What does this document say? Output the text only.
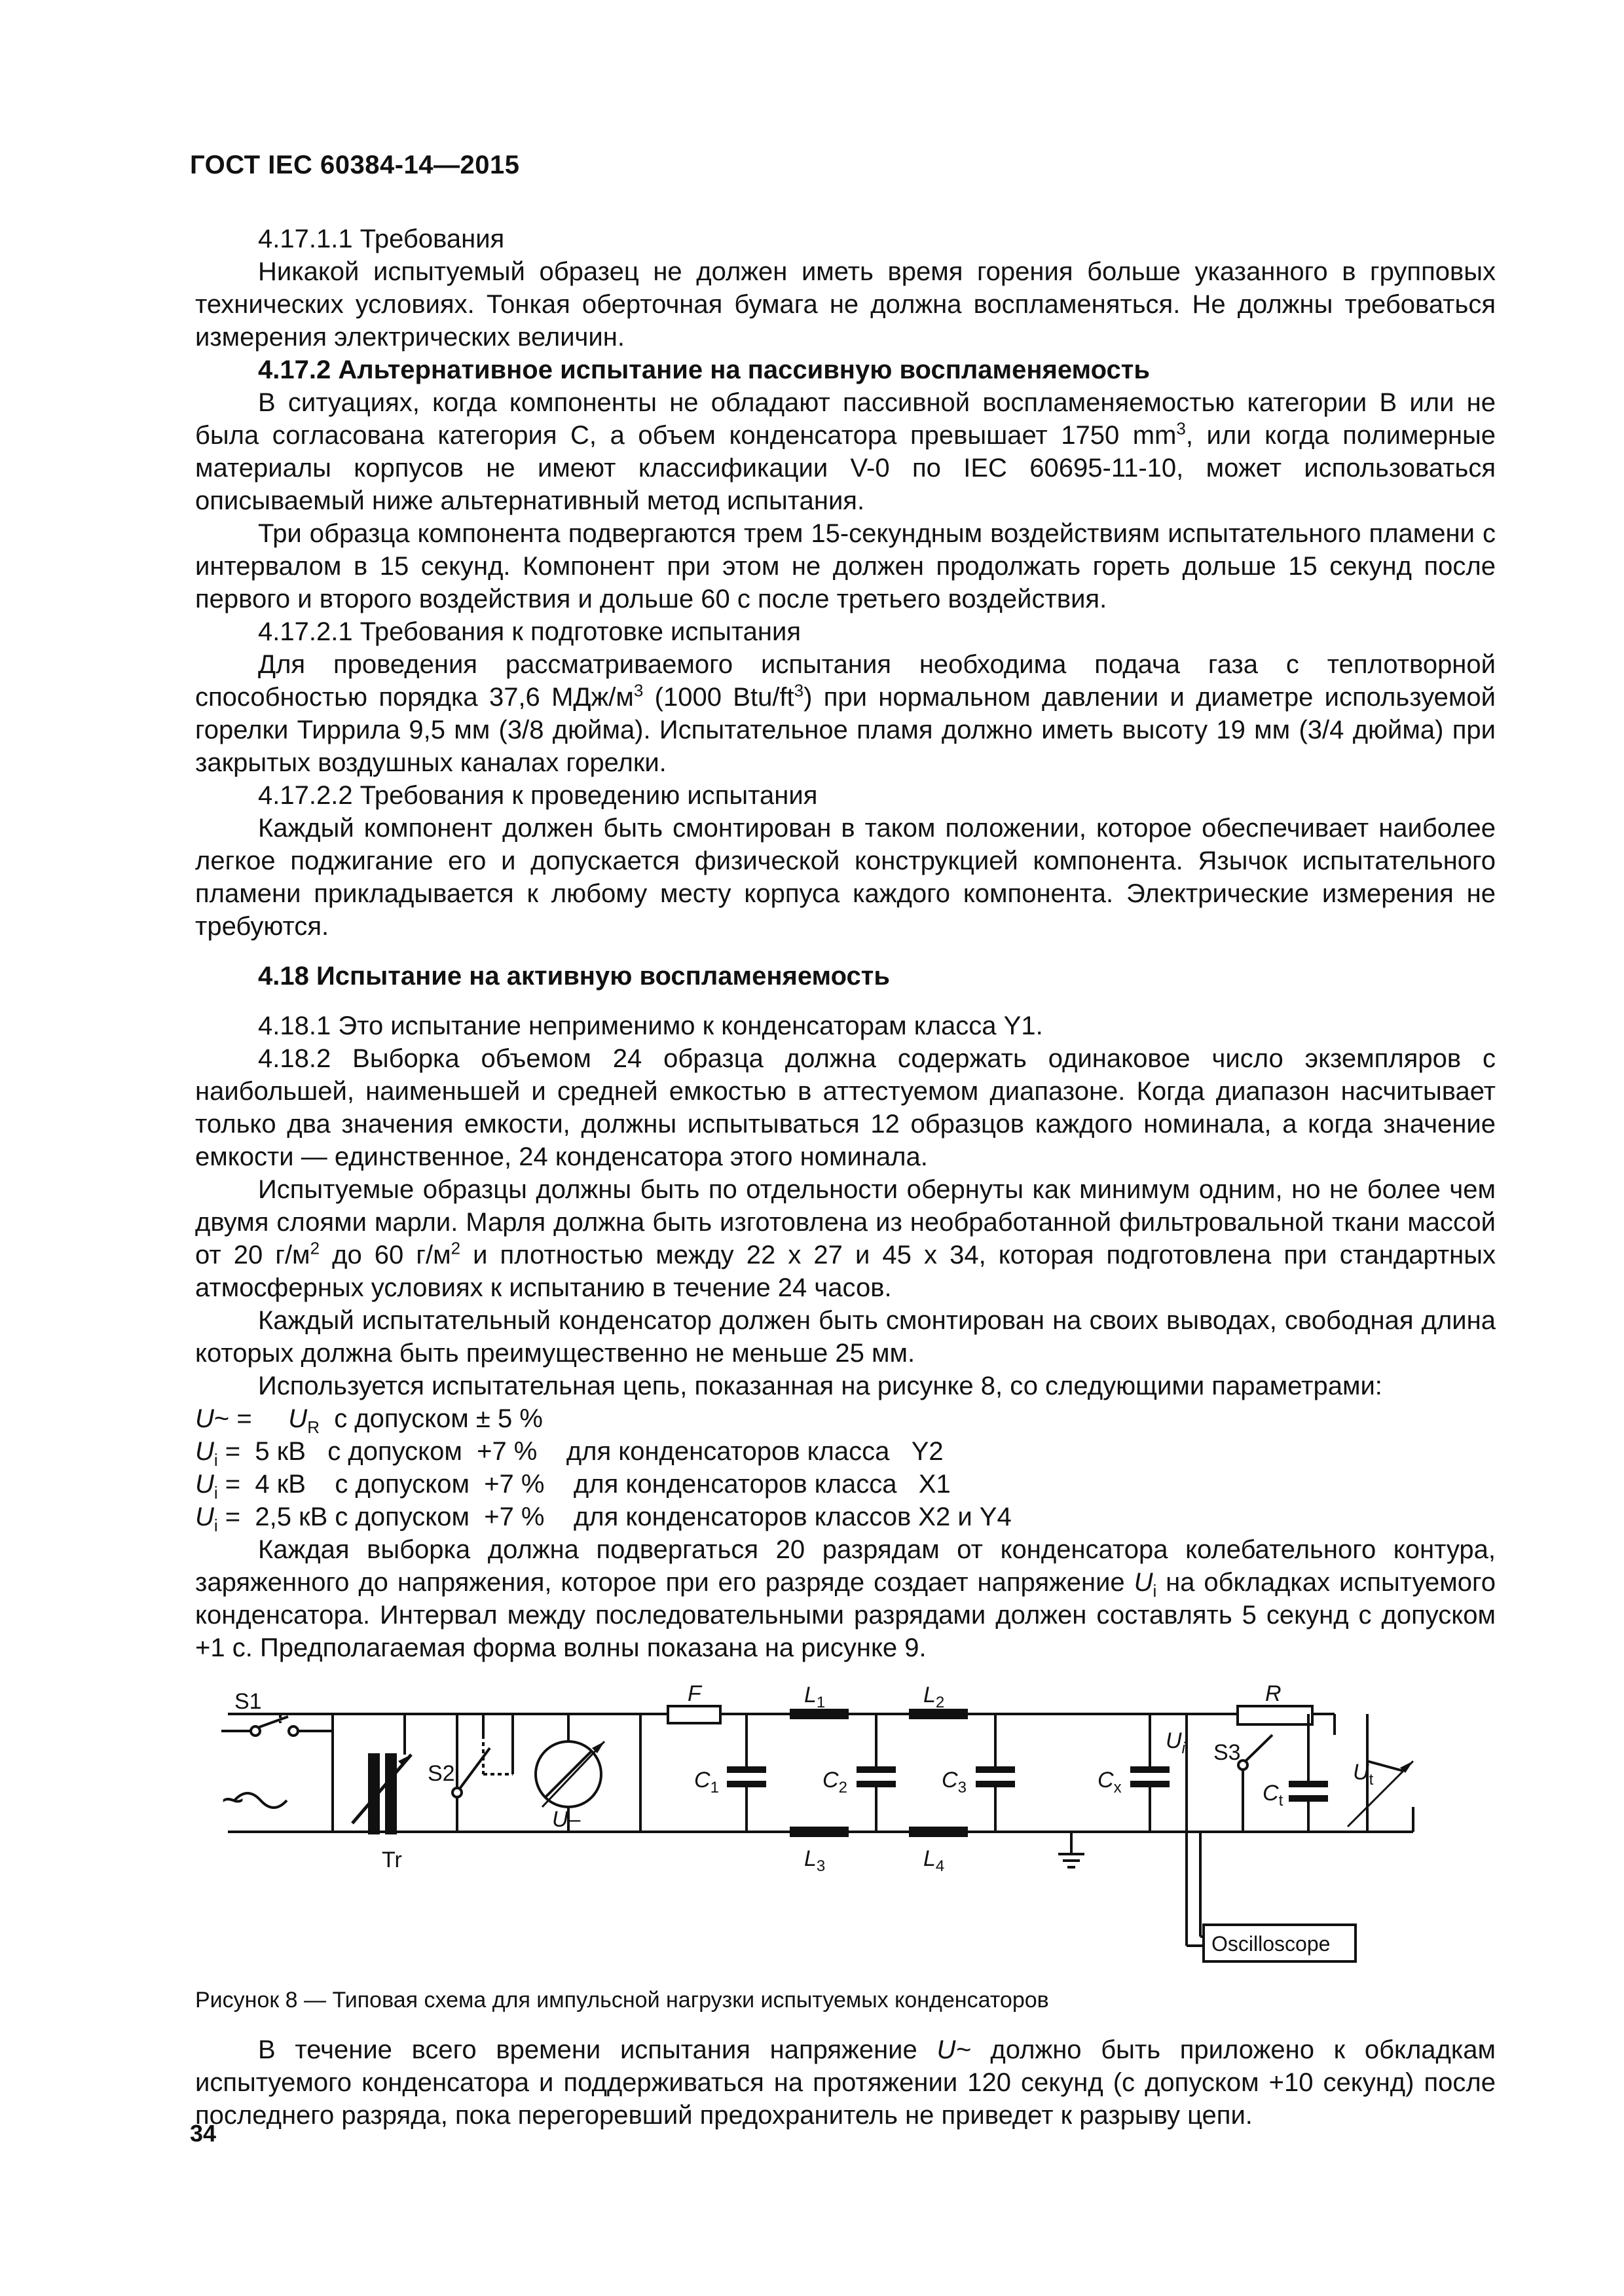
ГОСТ IEC 60384-14—2015

4.17.1.1 Требования

Никакой испытуемый образец не должен иметь время горения больше указанного в групповых технических условиях. Тонкая оберточная бумага не должна воспламеняться. Не должны требоваться измерения электрических величин.

4.17.2 Альтернативное испытание на пассивную воспламеняемость

В ситуациях, когда компоненты не обладают пассивной воспламеняемостью категории В или не была согласована категория С, а объем конденсатора превышает 1750 $mm^3$, или когда полимерные материалы корпусов не имеют классификации V-0 по IEC 60695-11-10, может использоваться описываемый ниже альтернативный метод испытания.

Три образца компонента подвергаются трем 15-секундным воздействиям испытательного пламени с интервалом в 15 секунд. Компонент при этом не должен продолжать гореть дольше 15 секунд после первого и второго воздействия и дольше 60 с после третьего воздействия.

4.17.2.1 Требования к подготовке испытания

Для проведения рассматриваемого испытания необходима подача газа с теплотворной способностью порядка 37,6 МДж/$м^3$ (1000 Btu/$ft^3$) при нормальном давлении и диаметре используемой горелки Тиррила 9,5 мм (3/8 дюйма). Испытательное пламя должно иметь высоту 19 мм (3/4 дюйма) при закрытых воздушных каналах горелки.

4.17.2.2 Требования к проведению испытания

Каждый компонент должен быть смонтирован в таком положении, которое обеспечивает наиболее легкое поджигание его и допускается физической конструкцией компонента. Язычок испытательного пламени прикладывается к любому месту корпуса каждого компонента. Электрические измерения не требуются.

4.18 Испытание на активную воспламеняемость

4.18.1 Это испытание неприменимо к конденсаторам класса Y1.

4.18.2 Выборка объемом 24 образца должна содержать одинаковое число экземпляров с наибольшей, наименьшей и средней емкостью в аттестуемом диапазоне. Когда диапазон насчитывает только два значения емкости, должны испытываться 12 образцов каждого номинала, а когда значение емкости — единственное, 24 конденсатора этого номинала.

Испытуемые образцы должны быть по отдельности обернуты как минимум одним, но не более чем двумя слоями марли. Марля должна быть изготовлена из необработанной фильтровальной ткани массой от 20 $г/м^2$ до 60 $г/м^2$ и плотностью между 22 х 27 и 45 х 34, которая подготовлена при стандартных атмосферных условиях к испытанию в течение 24 часов.

Каждый испытательный конденсатор должен быть смонтирован на своих выводах, свободная длина которых должна быть преимущественно не меньше 25 мм.

Используется испытательная цепь, показанная на рисунке 8, со следующими параметрами:

U~ =     $U_R$  с допуском ± 5 %

$U_i = 5$ кВ   с допуском  +7 %    для конденсаторов класса   Y2

$U_i = 4$ кВ    с допуском  +7 %    для конденсаторов класса   X1

$U_i = 2,5$ кВ с допуском  +7 %    для конденсаторов классов X2 и Y4

Каждая выборка должна подвергаться 20 разрядам от конденсатора колебательного контура, заряженного до напряжения, которое при его разряде создает напряжение $U_i$ на обкладках испытуемого конденсатора. Интервал между последовательными разрядами должен составлять 5 секунд с допуском +1 с. Предполагаемая форма волны показана на рисунке 9.

S1
~
S2
Tr
F
U–
$L_1$	$L_2$
$L_3$	$L_4$
$C_1$	$C_2$	$C_3$	$C_x$
$U_i$
R
S3
$C_t$
$U_t$
Oscilloscope

Рисунок 8 — Типовая схема для импульсной нагрузки испытуемых конденсаторов

В течение всего времени испытания напряжение U~ должно быть приложено к обкладкам испытуемого конденсатора и поддерживаться на протяжении 120 секунд (с допуском +10 секунд) после последнего разряда, пока перегоревший предохранитель не приведет к разрыву цепи.

34
